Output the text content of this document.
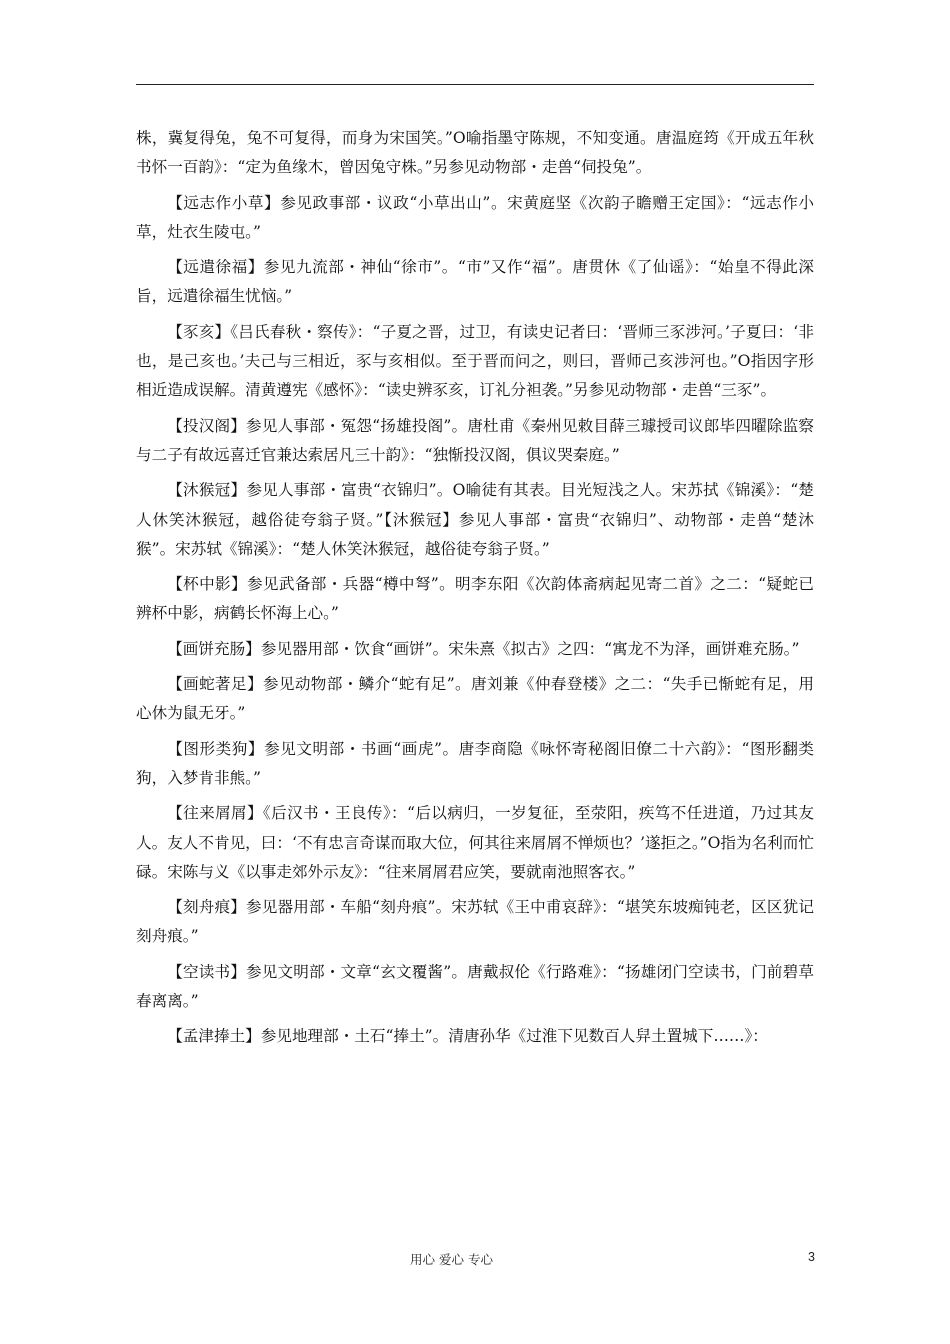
株，冀复得兔，兔不可复得，而身为宋国笑。”O喻指墨守陈规，不知变通。唐温庭筠《开成五年秋书怀一百韵》：“定为鱼缘木，曾因兔守株。”另参见动物部・走兽“伺投兔”。

【远志作小草】参见政事部・议政“小草出山”。宋黄庭坚《次韵子瞻赠王定国》：“远志作小草，灶衣生陵屯。”

【远遣徐福】参见九流部・神仙“徐市”。“市”又作“福”。唐贯休《了仙谣》：“始皇不得此深旨，远遣徐福生忧恼。”

【豕亥】《吕氏春秋・察传》：“子夏之晋，过卫，有读史记者曰：‘晋师三豕涉河。’子夏曰：‘非也，是己亥也。’夫己与三相近，豕与亥相似。至于晋而问之，则曰，晋师己亥涉河也。”O指因字形相近造成误解。清黄遵宪《感怀》：“读史辨豕亥，订礼分袒袭。”另参见动物部・走兽“三豕”。

【投汉阁】参见人事部・冤怨“扬雄投阁”。唐杜甫《秦州见敕目薛三璩授司议郎毕四曜除监察与二子有故远喜迁官兼达索居凡三十韵》：“独惭投汉阁，俱议哭秦庭。”

【沐猴冠】参见人事部・富贵“衣锦归”。O喻徒有其表。目光短浅之人。宋苏拭《锦溪》：“楚人休笑沐猴冠，越俗徒夸翁子贤。”【沐猴冠】参见人事部・富贵“衣锦归”、动物部・走兽“楚沐猴”。宋苏轼《锦溪》：“楚人休笑沐猴冠，越俗徒夸翁子贤。”

【杯中影】参见武备部・兵器“樽中弩”。明李东阳《次韵体斋病起见寄二首》之二：“疑蛇已辨杯中影，病鹤长怀海上心。”

【画饼充肠】参见器用部・饮食“画饼”。宋朱熹《拟古》之四：“寓龙不为泽，画饼难充肠。”

【画蛇著足】参见动物部・鳞介“蛇有足”。唐刘兼《仲春登楼》之二：“失手已惭蛇有足，用心休为鼠无牙。”

【图形类狗】参见文明部・书画“画虎”。唐李商隐《咏怀寄秘阁旧僚二十六韵》：“图形翻类狗，入梦肯非熊。”

【往来屑屑】《后汉书・王良传》：“后以病归，一岁复征，至荥阳，疾笃不任进道，乃过其友人。友人不肯见，曰：‘不有忠言奇谋而取大位，何其往来屑屑不惮烦也？’遂拒之。”O指为名利而忙碌。宋陈与义《以事走郊外示友》：“往来屑屑君应笑，要就南池照客衣。”

【刻舟痕】参见器用部・车船“刻舟痕”。宋苏轼《王中甫哀辞》：“堪笑东坡痴钝老，区区犹记刻舟痕。”

【空读书】参见文明部・文章“玄文覆酱”。唐戴叔伦《行路难》：“扬雄闭门空读书，门前碧草春离离。”

【孟津捧土】参见地理部・土石“捧土”。清唐孙华《过淮下见数百人舁土置城下……》：

用心 爱心 专心	3
